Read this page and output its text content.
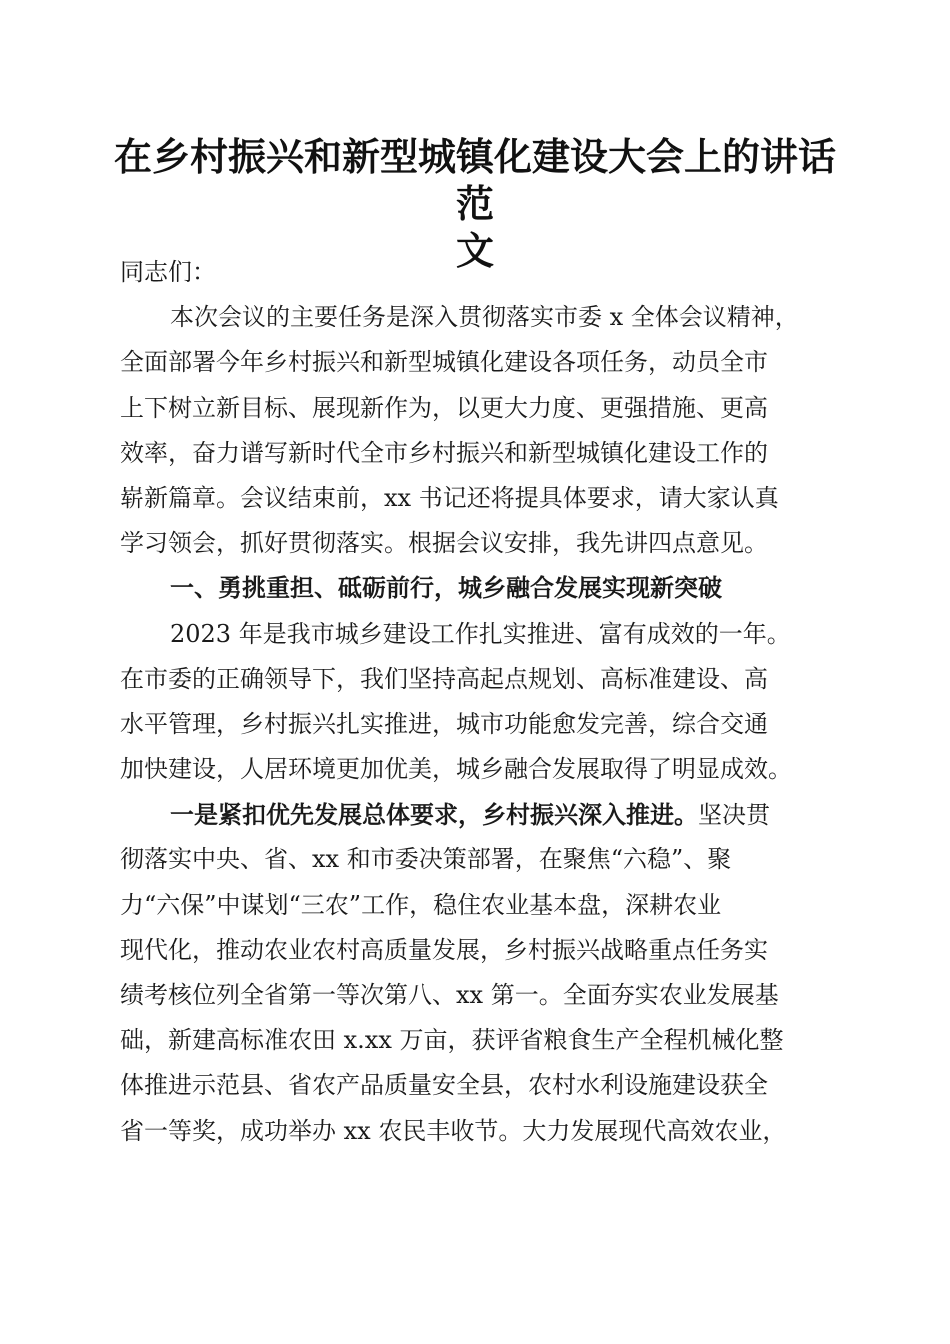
在乡村振兴和新型城镇化建设大会上的讲话范
文
同志们：
本次会议的主要任务是深入贯彻落实市委 x 全体会议精神，
全面部署今年乡村振兴和新型城镇化建设各项任务，动员全市
上下树立新目标、展现新作为，以更大力度、更强措施、更高
效率，奋力谱写新时代全市乡村振兴和新型城镇化建设工作的
崭新篇章。会议结束前，xx 书记还将提具体要求，请大家认真
学习领会，抓好贯彻落实。根据会议安排，我先讲四点意见。
一、勇挑重担、砥砺前行，城乡融合发展实现新突破
2023 年是我市城乡建设工作扎实推进、富有成效的一年。
在市委的正确领导下，我们坚持高起点规划、高标准建设、高
水平管理，乡村振兴扎实推进，城市功能愈发完善，综合交通
加快建设，人居环境更加优美，城乡融合发展取得了明显成效。
一是紧扣优先发展总体要求，乡村振兴深入推进。坚决贯
彻落实中央、省、xx 和市委决策部署，在聚焦“六稳”、聚
力“六保”中谋划“三农”工作，稳住农业基本盘，深耕农业
现代化，推动农业农村高质量发展，乡村振兴战略重点任务实
绩考核位列全省第一等次第八、xx 第一。全面夯实农业发展基
础，新建高标准农田 x.xx 万亩，获评省粮食生产全程机械化整
体推进示范县、省农产品质量安全县，农村水利设施建设获全
省一等奖，成功举办 xx 农民丰收节。大力发展现代高效农业，
